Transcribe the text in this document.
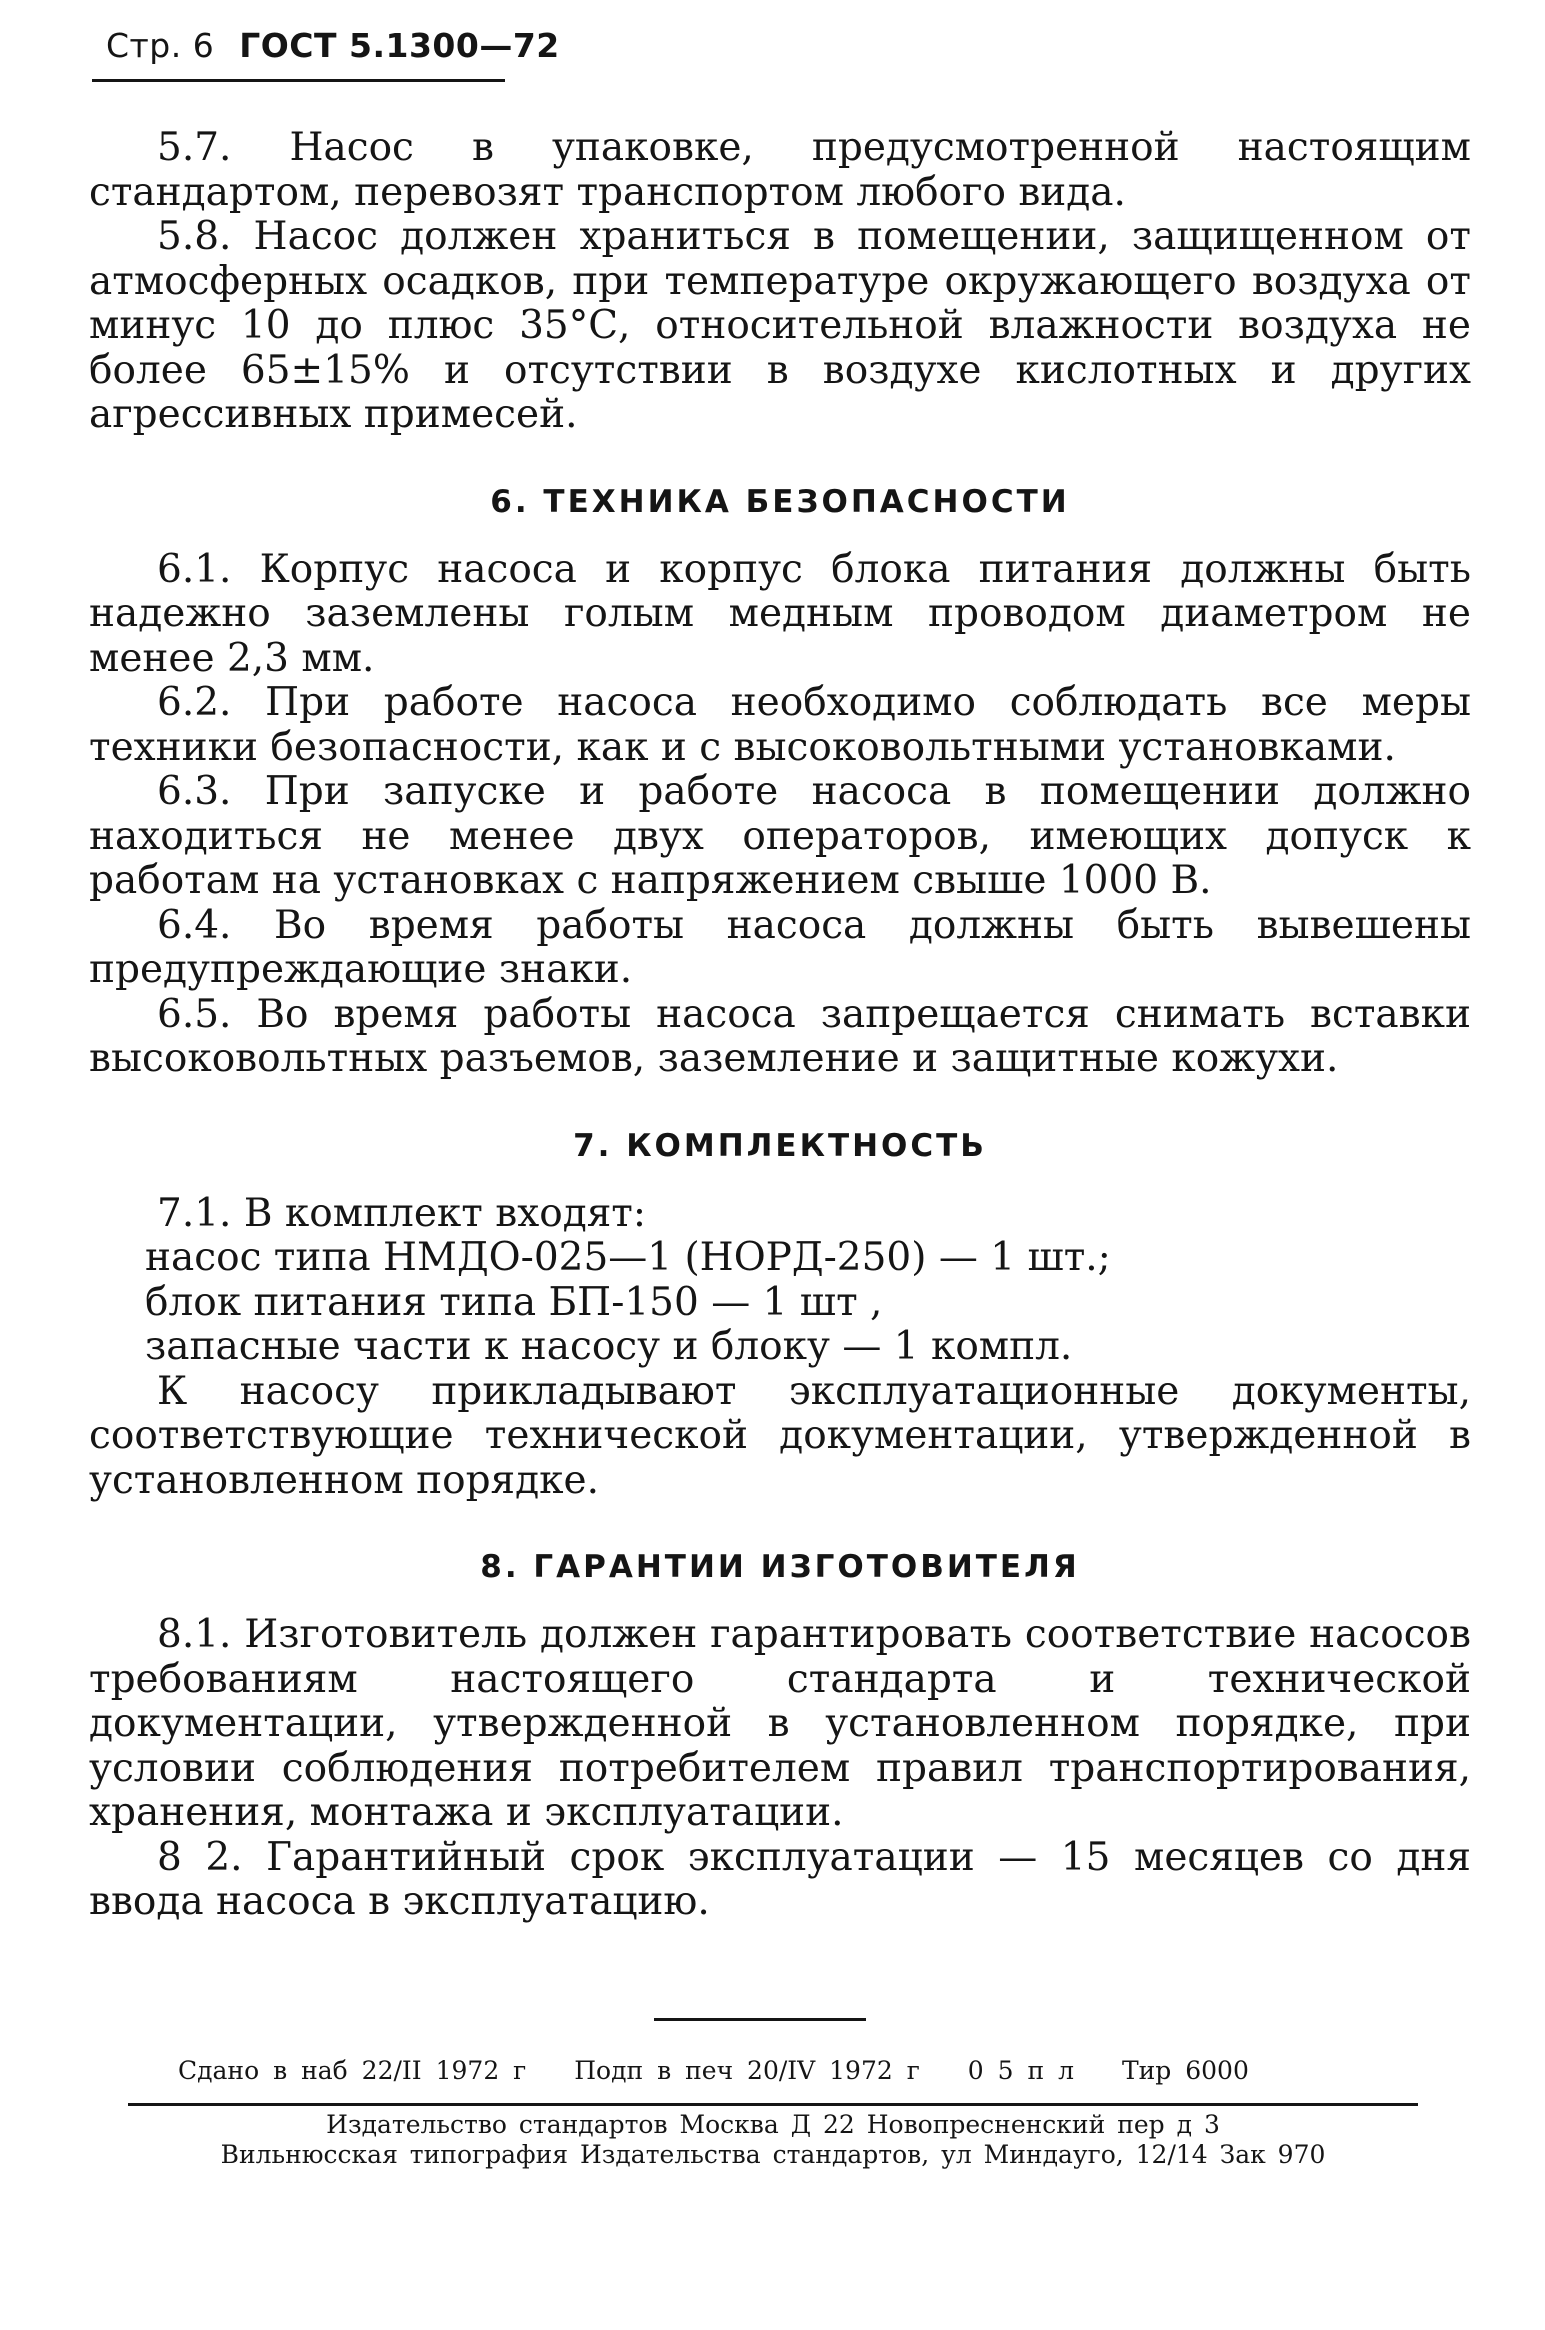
Стр. 6 ГОСТ 5.1300—72

5.7. Насос в упаковке, предусмотренной настоящим стандартом, перевозят транспортом любого вида.

5.8. Насос должен храниться в помещении, защищенном от атмосферных осадков, при температуре окружающего воздуха от минус 10 до плюс 35°С, относительной влажности воздуха не более 65±15% и отсутствии в воздухе кислотных и других агрессивных примесей.

6. ТЕХНИКА БЕЗОПАСНОСТИ

6.1. Корпус насоса и корпус блока питания должны быть надежно заземлены голым медным проводом диаметром не менее 2,3 мм.

6.2. При работе насоса необходимо соблюдать все меры техники безопасности, как и с высоковольтными установками.

6.3. При запуске и работе насоса в помещении должно находиться не менее двух операторов, имеющих допуск к работам на установках с напряжением свыше 1000 В.

6.4. Во время работы насоса должны быть вывешены предупреждающие знаки.

6.5. Во время работы насоса запрещается снимать вставки высоковольтных разъемов, заземление и защитные кожухи.

7. КОМПЛЕКТНОСТЬ

7.1. В комплект входят:

насос типа НМДО-025—1 (НОРД-250) — 1 шт.;

блок питания типа БП-150 — 1 шт ,

запасные части к насосу и блоку — 1 компл.

К насосу прикладывают эксплуатационные документы, соответствующие технической документации, утвержденной в установленном порядке.

8. ГАРАНТИИ ИЗГОТОВИТЕЛЯ

8.1. Изготовитель должен гарантировать соответствие насосов требованиям настоящего стандарта и технической документации, утвержденной в установленном порядке, при условии соблюдения потребителем правил транспортирования, хранения, монтажа и эксплуатации.

8 2. Гарантийный срок эксплуатации — 15 месяцев со дня ввода насоса в эксплуатацию.

Сдано в наб 22/II 1972 г Подп в печ 20/IV 1972 г 0 5 п л Тир 6000
Издательство стандартов Москва Д 22 Новопресненский пер д 3
Вильнюсская типография Издательства стандартов, ул Миндауго, 12/14 Зак 970
